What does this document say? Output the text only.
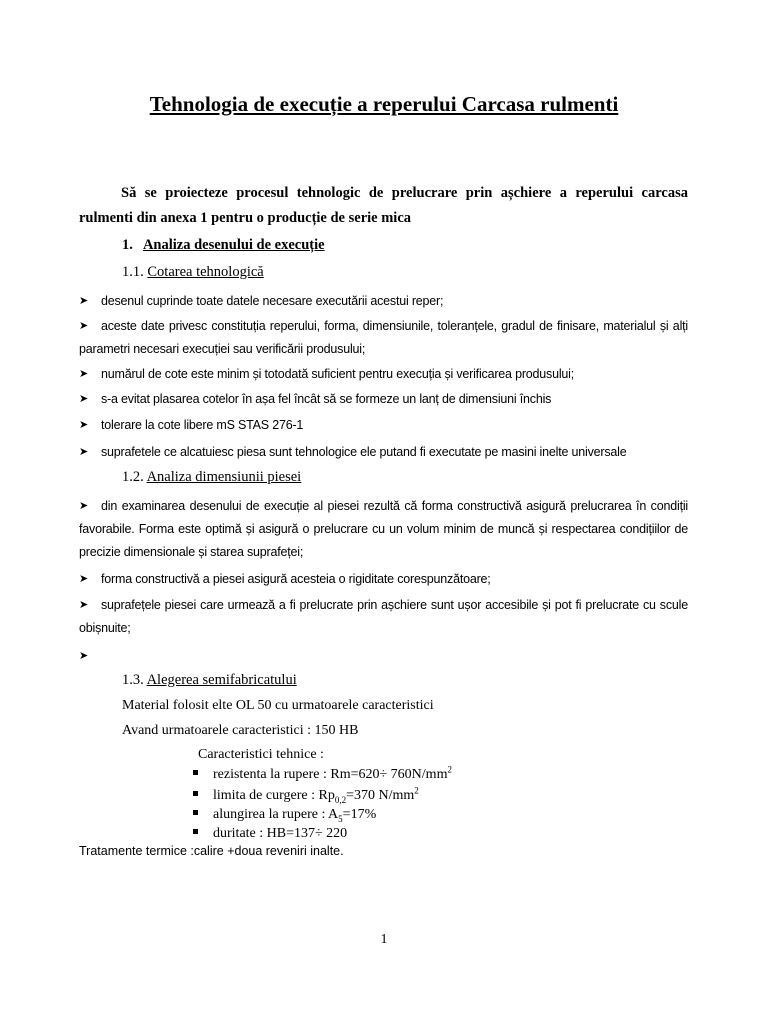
Tehnologia de execuție a reperului Carcasa rulmenti
Să se proiecteze procesul tehnologic de prelucrare prin așchiere a reperului carcasa rulmenti din anexa 1 pentru o producție de serie mica
1. Analiza desenului de execuție
1.1. Cotarea tehnologică
➤ desenul cuprinde toate datele necesare executării acestui reper;
➤ aceste date privesc constituția reperului, forma, dimensiunile, toleranțele, gradul de finisare, materialul și alți parametri necesari execuției sau verificării produsului;
➤ numărul de cote este minim și totodată suficient pentru execuția și verificarea produsului;
➤ s-a evitat plasarea cotelor în așa fel încât să se formeze un lanț de dimensiuni închis
➤ tolerare la cote libere mS STAS 276-1
➤ suprafetele ce alcatuiesc piesa sunt tehnologice ele putand fi executate pe masini inelte universale
1.2. Analiza dimensiunii piesei
➤ din examinarea desenului de execuție al piesei rezultă că forma constructivă asigură prelucrarea în condiții favorabile. Forma este optimă și asigură o prelucrare cu un volum minim de muncă și respectarea condițiilor de precizie dimensionale și starea suprafeței;
➤ forma constructivă a piesei asigură acesteia o rigiditate corespunzătoare;
➤ suprafețele piesei care urmează a fi prelucrate prin așchiere sunt ușor accesibile și pot fi prelucrate cu scule obișnuite;
➤
1.3. Alegerea semifabricatului
Material folosit elte OL 50 cu urmatoarele caracteristici
Avand urmatoarele caracteristici : 150 HB
Caracteristici tehnice :
rezistenta la rupere : $Rm=620\div 760N/mm^2$
limita de curgere : $Rp_{0,2}=370$ $N/mm^2$
alungirea la rupere : $A_5=17\%$
duritate : HB=137÷ 220
Tratamente termice :calire +doua reveniri inalte.
1
